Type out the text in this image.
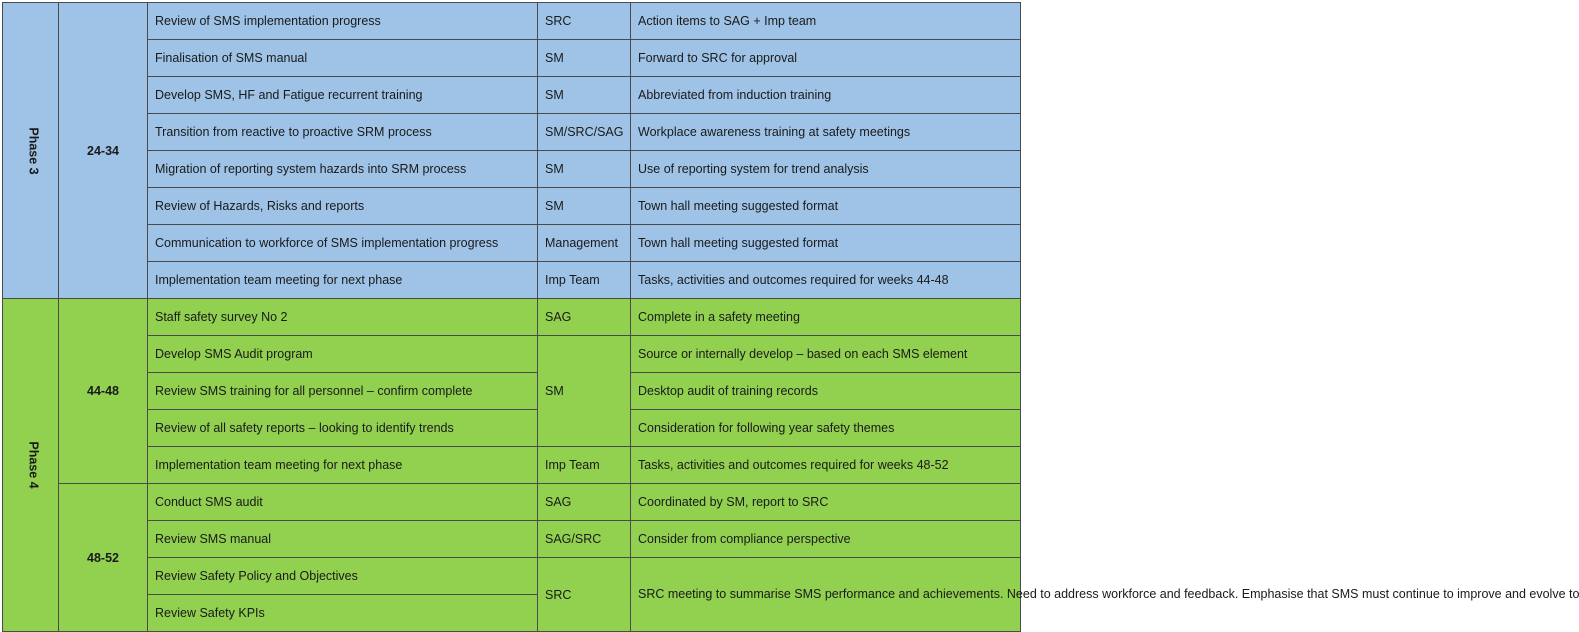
Phase 3	24-34	Review of SMS implementation progress	SRC	Action items to SAG + Imp team
		Finalisation of SMS manual	SM	Forward to SRC for approval
		Develop SMS, HF and Fatigue recurrent training	SM	Abbreviated from induction training
		Transition from reactive to proactive SRM process	SM/SRC/SAG	Workplace awareness training at safety meetings
		Migration of reporting system hazards into SRM process	SM	Use of reporting system for trend analysis
		Review of Hazards, Risks and reports	SM	Town hall meeting suggested format
		Communication to workforce of SMS implementation progress	Management	Town hall meeting suggested format
		Implementation team meeting for next phase	Imp Team	Tasks, activities and outcomes required for weeks 44-48
Phase 4	44-48	Staff safety survey No 2	SAG	Complete in a safety meeting
		Develop SMS Audit program	SM	Source or internally develop – based on each SMS element
		Review SMS training for all personnel – confirm complete		Desktop audit of training records
		Review of all safety reports – looking to identify trends		Consideration for following year safety themes
		Implementation team meeting for next phase	Imp Team	Tasks, activities and outcomes required for weeks 48-52
	48-52	Conduct SMS audit	SAG	Coordinated by SM, report to SRC
		Review SMS manual	SAG/SRC	Consider from compliance perspective
		Review Safety Policy and Objectives	SRC	SRC meeting to summarise SMS performance and achievements. Need to address workforce and feedback. Emphasise that SMS must continue to improve and evolve to
		Review Safety KPIs		
